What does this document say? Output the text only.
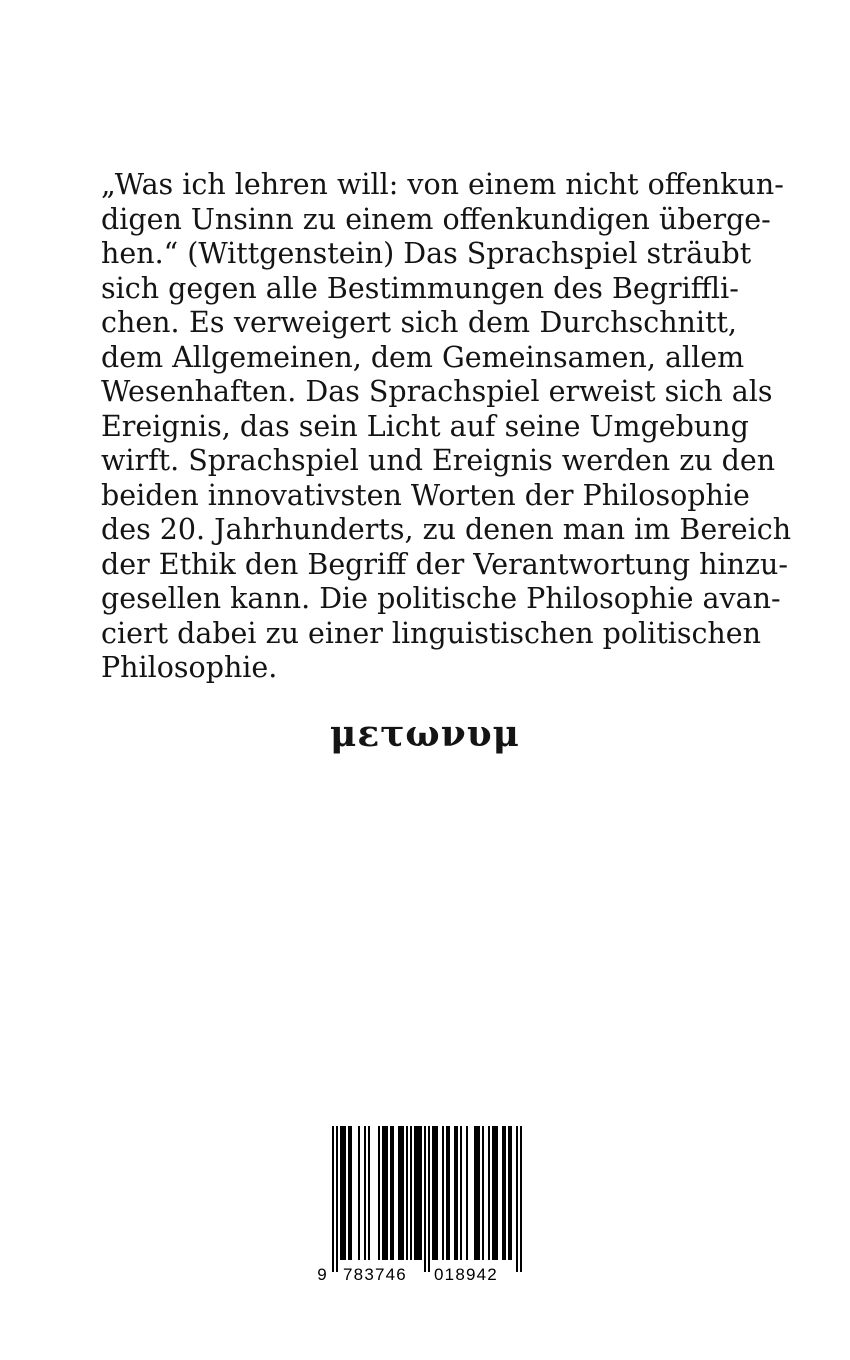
„Was ich lehren will: von einem nicht offenkun-
digen Unsinn zu einem offenkundigen überge-
hen.“ (Wittgenstein) Das Sprachspiel sträubt
sich gegen alle Bestimmungen des Begriffli-
chen. Es verweigert sich dem Durchschnitt,
dem Allgemeinen, dem Gemeinsamen, allem
Wesenhaften. Das Sprachspiel erweist sich als
Ereignis, das sein Licht auf seine Umgebung
wirft. Sprachspiel und Ereignis werden zu den
beiden innovativsten Worten der Philosophie
des 20. Jahrhunderts, zu denen man im Bereich
der Ethik den Begriff der Verantwortung hinzu-
gesellen kann. Die politische Philosophie avan-
ciert dabei zu einer linguistischen politischen
Philosophie.
μετωνυμ
9 783746 018942
